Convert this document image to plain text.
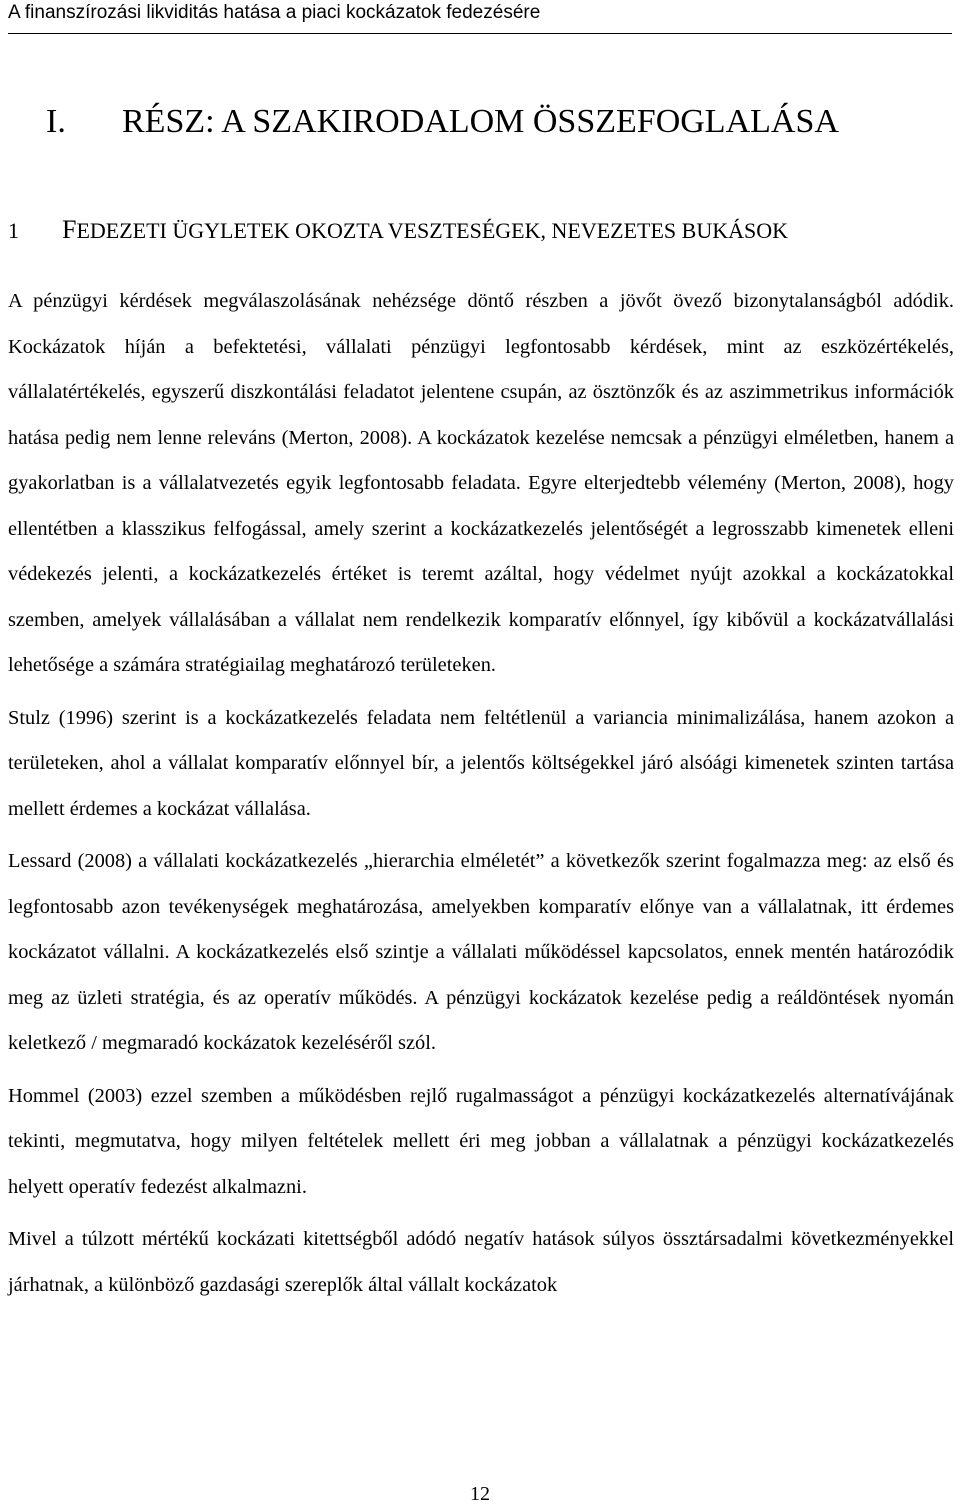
A finanszírozási likviditás hatása a piaci kockázatok fedezésére
I. RÉSZ: A SZAKIRODALOM ÖSSZEFOGLALÁSA
1 FEDEZETI ÜGYLETEK OKOZTA VESZTESÉGEK, NEVEZETES BUKÁSOK

A pénzügyi kérdések megválaszolásának nehézsége döntő részben a jövőt övező bizonytalanságból adódik. Kockázatok híján a befektetési, vállalati pénzügyi legfontosabb kérdések, mint az eszközértékelés, vállalatértékelés, egyszerű diszkontálási feladatot jelentene csupán, az ösztönzők és az aszimmetrikus információk hatása pedig nem lenne releváns (Merton, 2008). A kockázatok kezelése nemcsak a pénzügyi elméletben, hanem a gyakorlatban is a vállalatvezetés egyik legfontosabb feladata. Egyre elterjedtebb vélemény (Merton, 2008), hogy ellentétben a klasszikus felfogással, amely szerint a kockázatkezelés jelentőségét a legrosszabb kimenetek elleni védekezés jelenti, a kockázatkezelés értéket is teremt azáltal, hogy védelmet nyújt azokkal a kockázatokkal szemben, amelyek vállalásában a vállalat nem rendelkezik komparatív előnnyel, így kibővül a kockázatvállalási lehetősége a számára stratégiailag meghatározó területeken.

Stulz (1996) szerint is a kockázatkezelés feladata nem feltétlenül a variancia minimalizálása, hanem azokon a területeken, ahol a vállalat komparatív előnnyel bír, a jelentős költségekkel járó alsóági kimenetek szinten tartása mellett érdemes a kockázat vállalása.

Lessard (2008) a vállalati kockázatkezelés „hierarchia elméletét” a következők szerint fogalmazza meg: az első és legfontosabb azon tevékenységek meghatározása, amelyekben komparatív előnye van a vállalatnak, itt érdemes kockázatot vállalni. A kockázatkezelés első szintje a vállalati működéssel kapcsolatos, ennek mentén határozódik meg az üzleti stratégia, és az operatív működés. A pénzügyi kockázatok kezelése pedig a reáldöntések nyomán keletkező / megmaradó kockázatok kezeléséről szól.

Hommel (2003) ezzel szemben a működésben rejlő rugalmasságot a pénzügyi kockázatkezelés alternatívájának tekinti, megmutatva, hogy milyen feltételek mellett éri meg jobban a vállalatnak a pénzügyi kockázatkezelés helyett operatív fedezést alkalmazni.

Mivel a túlzott mértékű kockázati kitettségből adódó negatív hatások súlyos össztársadalmi következményekkel járhatnak, a különböző gazdasági szereplők által vállalt kockázatok

12
